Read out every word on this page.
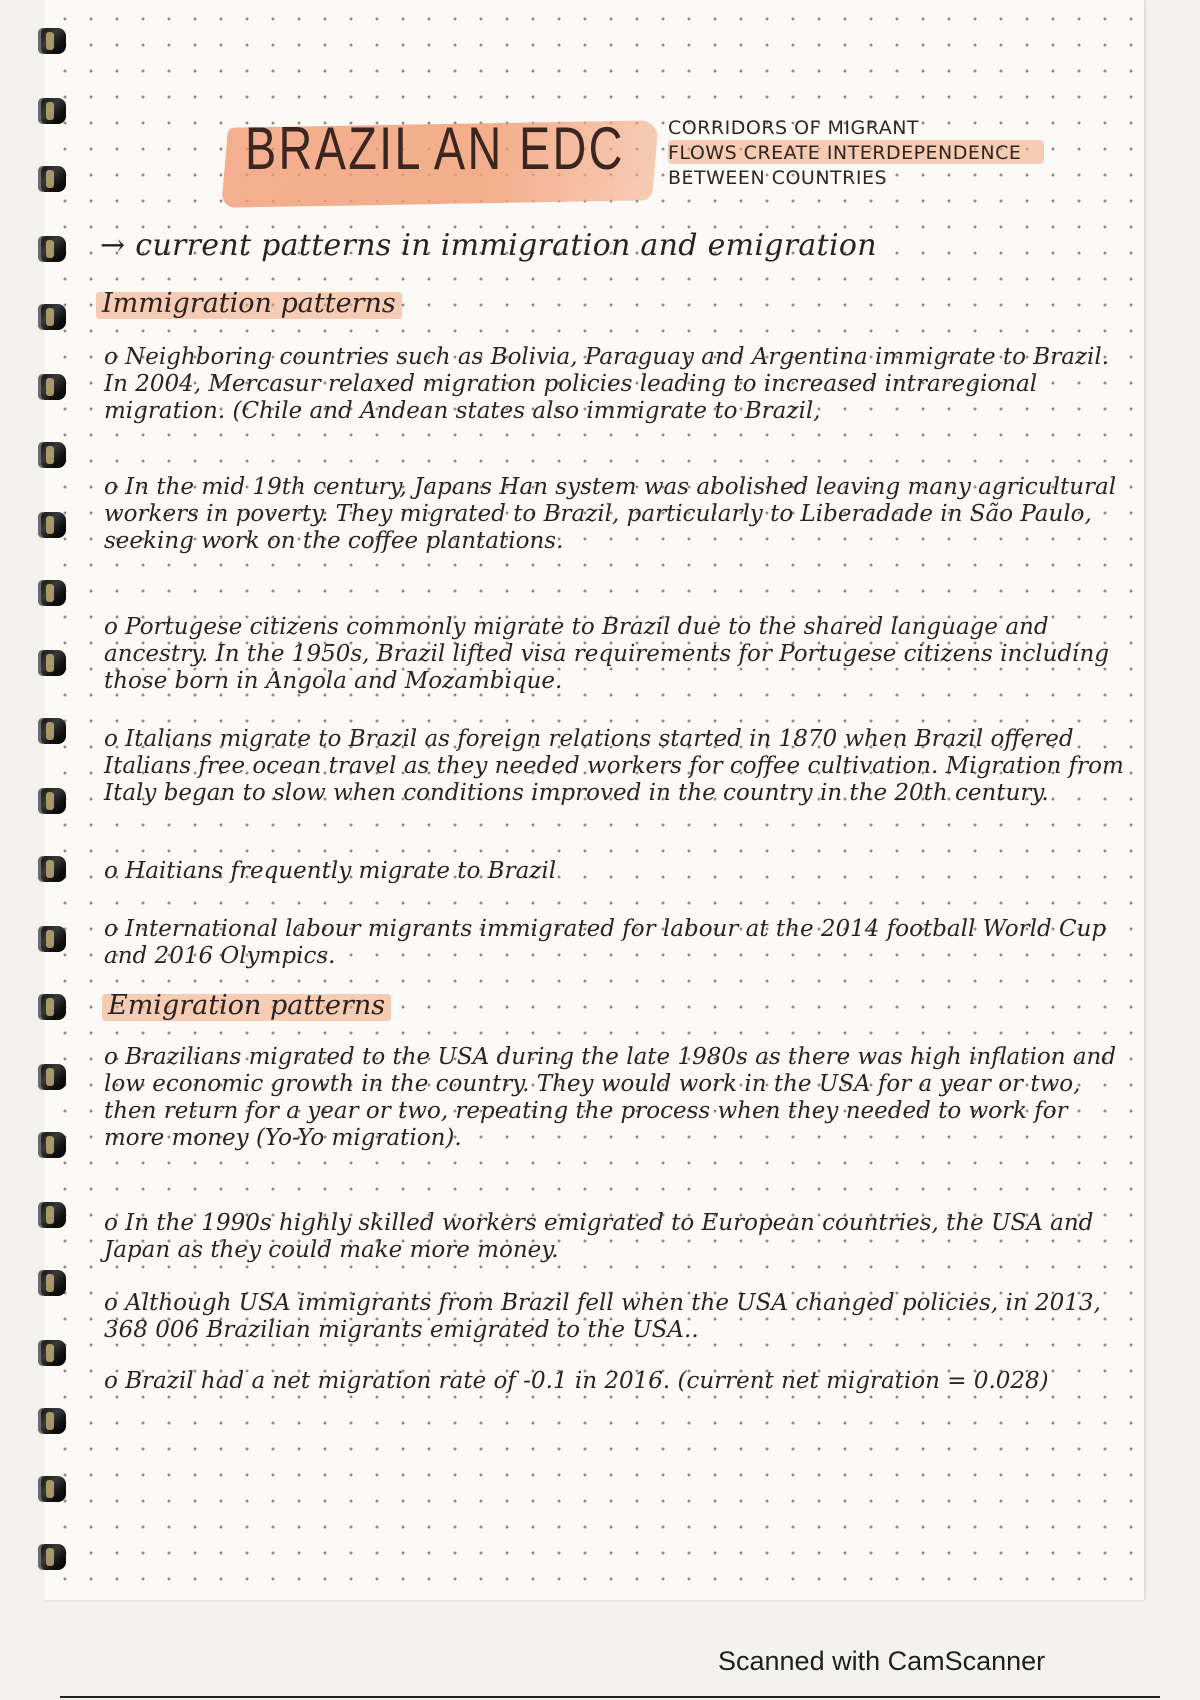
BRAZIL AN EDC CORRIDORS OF MIGRANT
FLOWS CREATE INTERDEPENDENCE
BETWEEN COUNTRIES
→ current patterns in immigration and emigration
Immigration patterns
o Neighboring countries such as Bolivia, Paraguay and Argentina immigrate to Brazil. In 2004, Mercasur relaxed migration policies leading to increased intraregional migration. (Chile and Andean states also immigrate to Brazil,
o In the mid 19th century, Japans Han system was abolished leaving many agricultural workers in poverty. They migrated to Brazil, particularly to Liberadade in São Paulo, seeking work on the coffee plantations.
o Portugese citizens commonly migrate to Brazil due to the shared language and ancestry. In the 1950s, Brazil lifted visa requirements for Portugese citizens including those born in Angola and Mozambique.
o Italians migrate to Brazil as foreign relations started in 1870 when Brazil offered Italians free ocean travel as they needed workers for coffee cultivation. Migration from Italy began to slow when conditions improved in the country in the 20th century.
o Haitians frequently migrate to Brazil
o International labour migrants immigrated for labour at the 2014 football World Cup and 2016 Olympics.
Emigration patterns
o Brazilians migrated to the USA during the late 1980s as there was high inflation and low economic growth in the country. They would work in the USA for a year or two, then return for a year or two, repeating the process when they needed to work for more money (Yo-Yo migration).
o In the 1990s highly skilled workers emigrated to European countries, the USA and Japan as they could make more money.
o Although USA immigrants from Brazil fell when the USA changed policies, in 2013, 368 006 Brazilian migrants emigrated to the USA..
o Brazil had a net migration rate of -0.1 in 2016. (current net migration = 0.028)
Scanned with CamScanner
